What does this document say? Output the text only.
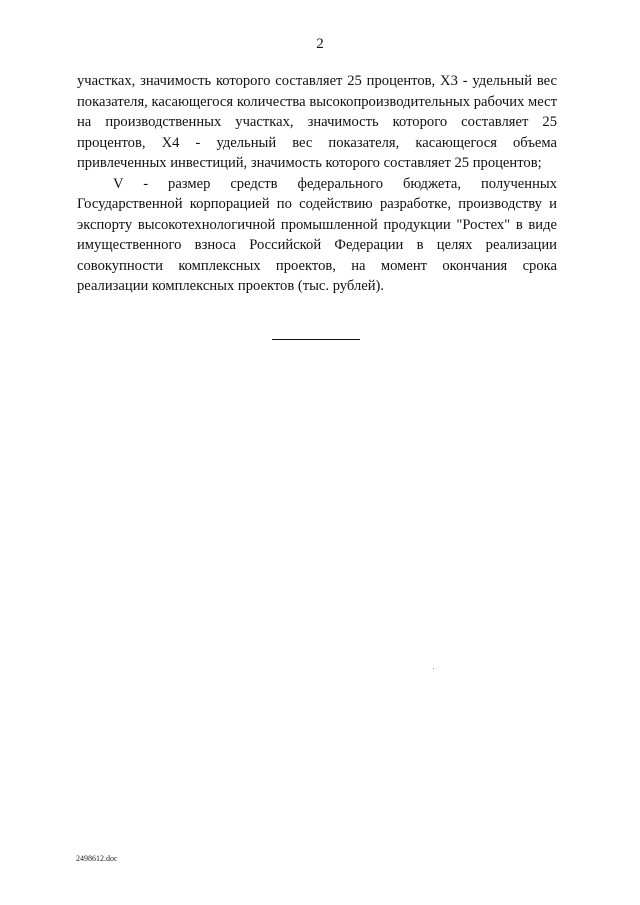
2

участках, значимость которого составляет 25 процентов, X3 - удельный вес показателя, касающегося количества высокопроизводительных рабочих мест на производственных участках, значимость которого составляет 25 процентов, X4 - удельный вес показателя, касающегося объема привлеченных инвестиций, значимость которого составляет 25 процентов;

V - размер средств федерального бюджета, полученных Государственной корпорацией по содействию разработке, производству и экспорту высокотехнологичной промышленной продукции "Ростех" в виде имущественного взноса Российской Федерации в целях реализации совокупности комплексных проектов, на момент окончания срока реализации комплексных проектов (тыс. рублей).

2498612.doc
